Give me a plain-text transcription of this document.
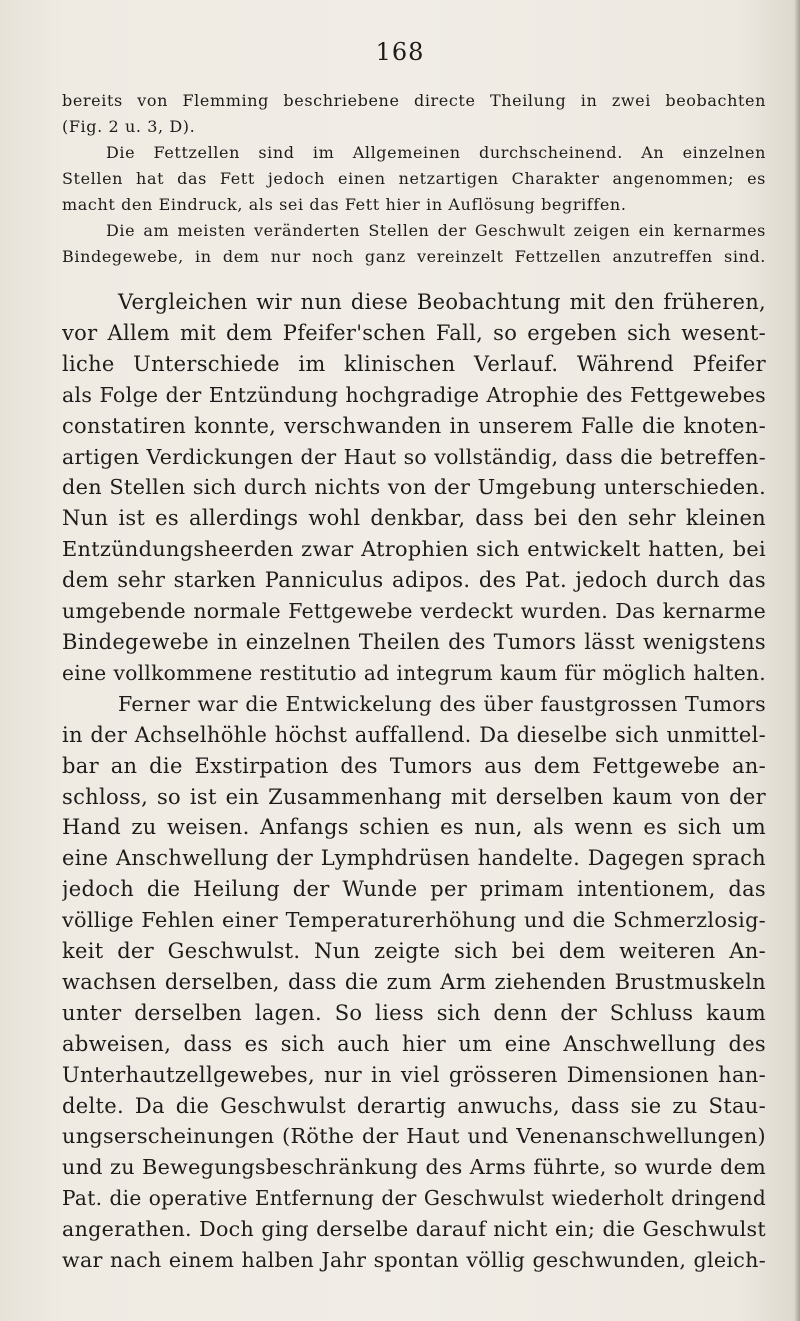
168

bereits von Flemming beschriebene directe Theilung in zwei beobachten
(Fig. 2 u. 3, D).
Die Fettzellen sind im Allgemeinen durchscheinend. An einzelnen
Stellen hat das Fett jedoch einen netzartigen Charakter angenommen; es
macht den Eindruck, als sei das Fett hier in Auflösung begriffen.
Die am meisten veränderten Stellen der Geschwult zeigen ein kernarmes
Bindegewebe, in dem nur noch ganz vereinzelt Fettzellen anzutreffen sind.
Vergleichen wir nun diese Beobachtung mit den früheren,
vor Allem mit dem Pfeifer'schen Fall, so ergeben sich wesent-
liche Unterschiede im klinischen Verlauf. Während Pfeifer
als Folge der Entzündung hochgradige Atrophie des Fettgewebes
constatiren konnte, verschwanden in unserem Falle die knoten-
artigen Verdickungen der Haut so vollständig, dass die betreffen-
den Stellen sich durch nichts von der Umgebung unterschieden.
Nun ist es allerdings wohl denkbar, dass bei den sehr kleinen
Entzündungsheerden zwar Atrophien sich entwickelt hatten, bei
dem sehr starken Panniculus adipos. des Pat. jedoch durch das
umgebende normale Fettgewebe verdeckt wurden. Das kernarme
Bindegewebe in einzelnen Theilen des Tumors lässt wenigstens
eine vollkommene restitutio ad integrum kaum für möglich halten.
Ferner war die Entwickelung des über faustgrossen Tumors
in der Achselhöhle höchst auffallend. Da dieselbe sich unmittel-
bar an die Exstirpation des Tumors aus dem Fettgewebe an-
schloss, so ist ein Zusammenhang mit derselben kaum von der
Hand zu weisen. Anfangs schien es nun, als wenn es sich um
eine Anschwellung der Lymphdrüsen handelte. Dagegen sprach
jedoch die Heilung der Wunde per primam intentionem, das
völlige Fehlen einer Temperaturerhöhung und die Schmerzlosig-
keit der Geschwulst. Nun zeigte sich bei dem weiteren An-
wachsen derselben, dass die zum Arm ziehenden Brustmuskeln
unter derselben lagen. So liess sich denn der Schluss kaum
abweisen, dass es sich auch hier um eine Anschwellung des
Unterhautzellgewebes, nur in viel grösseren Dimensionen han-
delte. Da die Geschwulst derartig anwuchs, dass sie zu Stau-
ungserscheinungen (Röthe der Haut und Venenanschwellungen)
und zu Bewegungsbeschränkung des Arms führte, so wurde dem
Pat. die operative Entfernung der Geschwulst wiederholt dringend
angerathen. Doch ging derselbe darauf nicht ein; die Geschwulst
war nach einem halben Jahr spontan völlig geschwunden, gleich-
